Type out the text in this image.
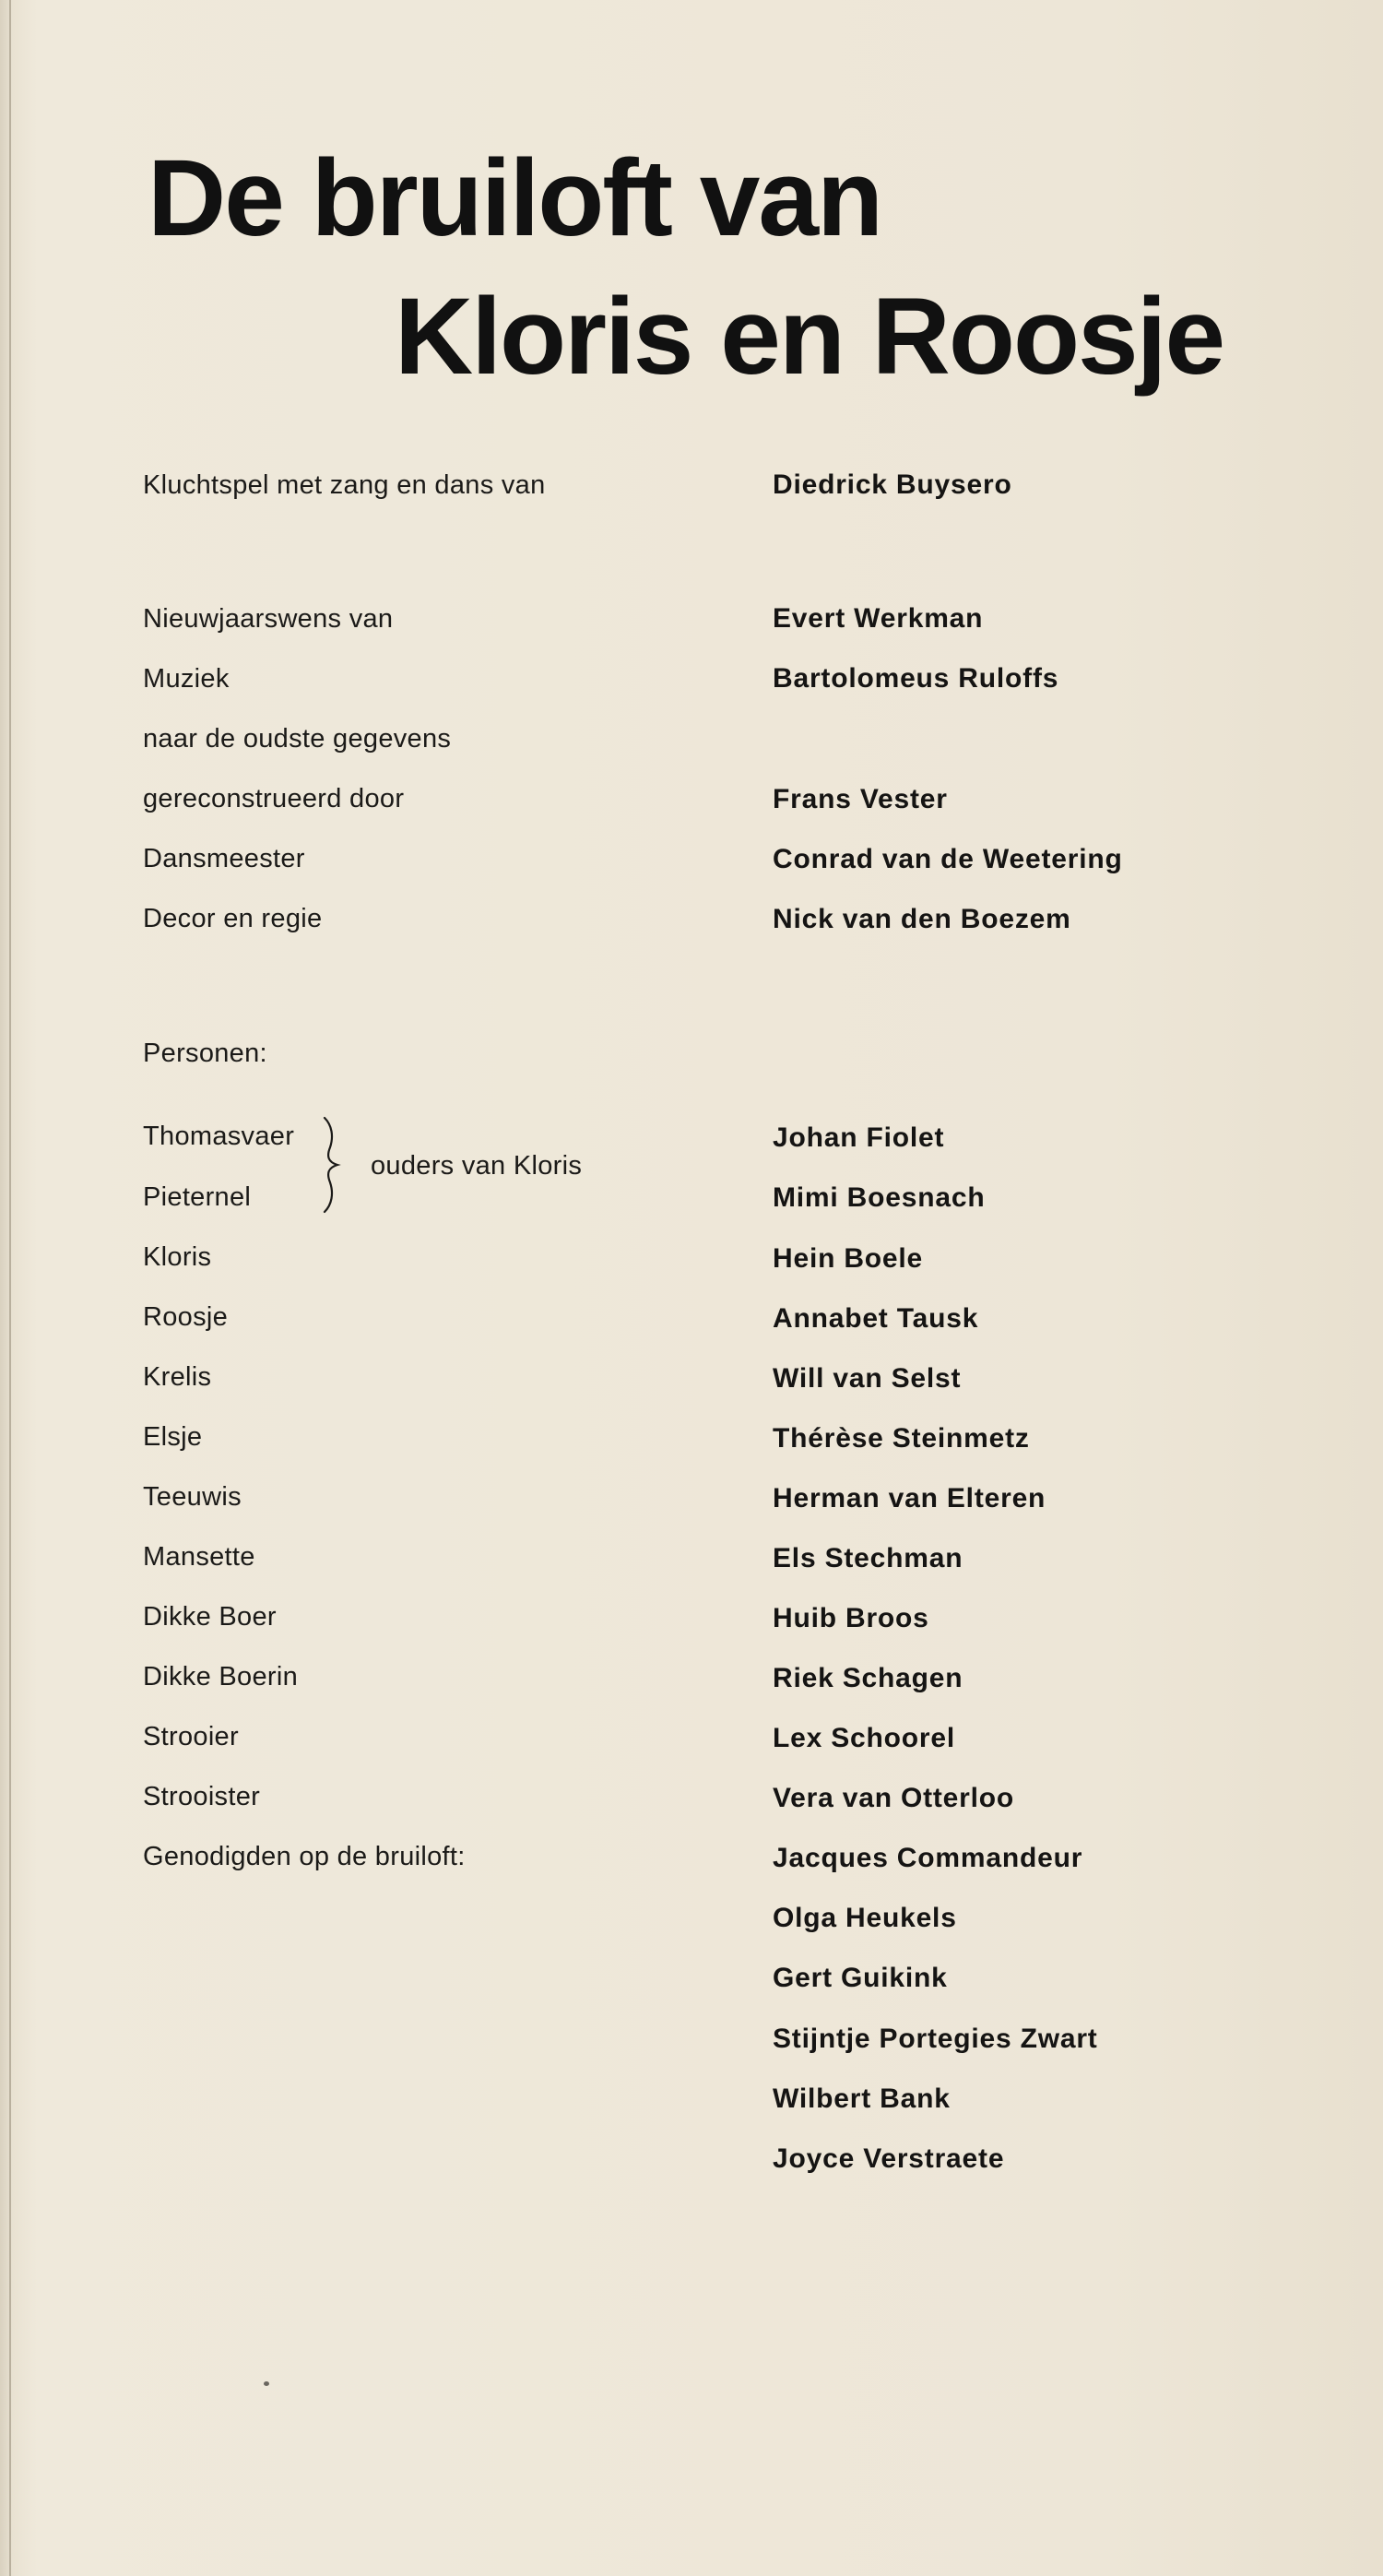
De bruiloft van
Kloris en Roosje
Kluchtspel met zang en dans van	Diedrick Buysero
Nieuwjaarswens van	Evert Werkman
Muziek	Bartolomeus Ruloffs
naar de oudste gegevens
gereconstrueerd door	Frans Vester
Dansmeester	Conrad van de Weetering
Decor en regie	Nick van den Boezem
Personen:
Thomasvaer	Johan Fiolet
ouders van Kloris
Pieternel	Mimi Boesnach
Kloris	Hein Boele
Roosje	Annabet Tausk
Krelis	Will van Selst
Elsje	Thérèse Steinmetz
Teeuwis	Herman van Elteren
Mansette	Els Stechman
Dikke Boer	Huib Broos
Dikke Boerin	Riek Schagen
Strooier	Lex Schoorel
Strooister	Vera van Otterloo
Genodigden op de bruiloft:	Jacques Commandeur
Olga Heukels
Gert Guikink
Stijntje Portegies Zwart
Wilbert Bank
Joyce Verstraete
